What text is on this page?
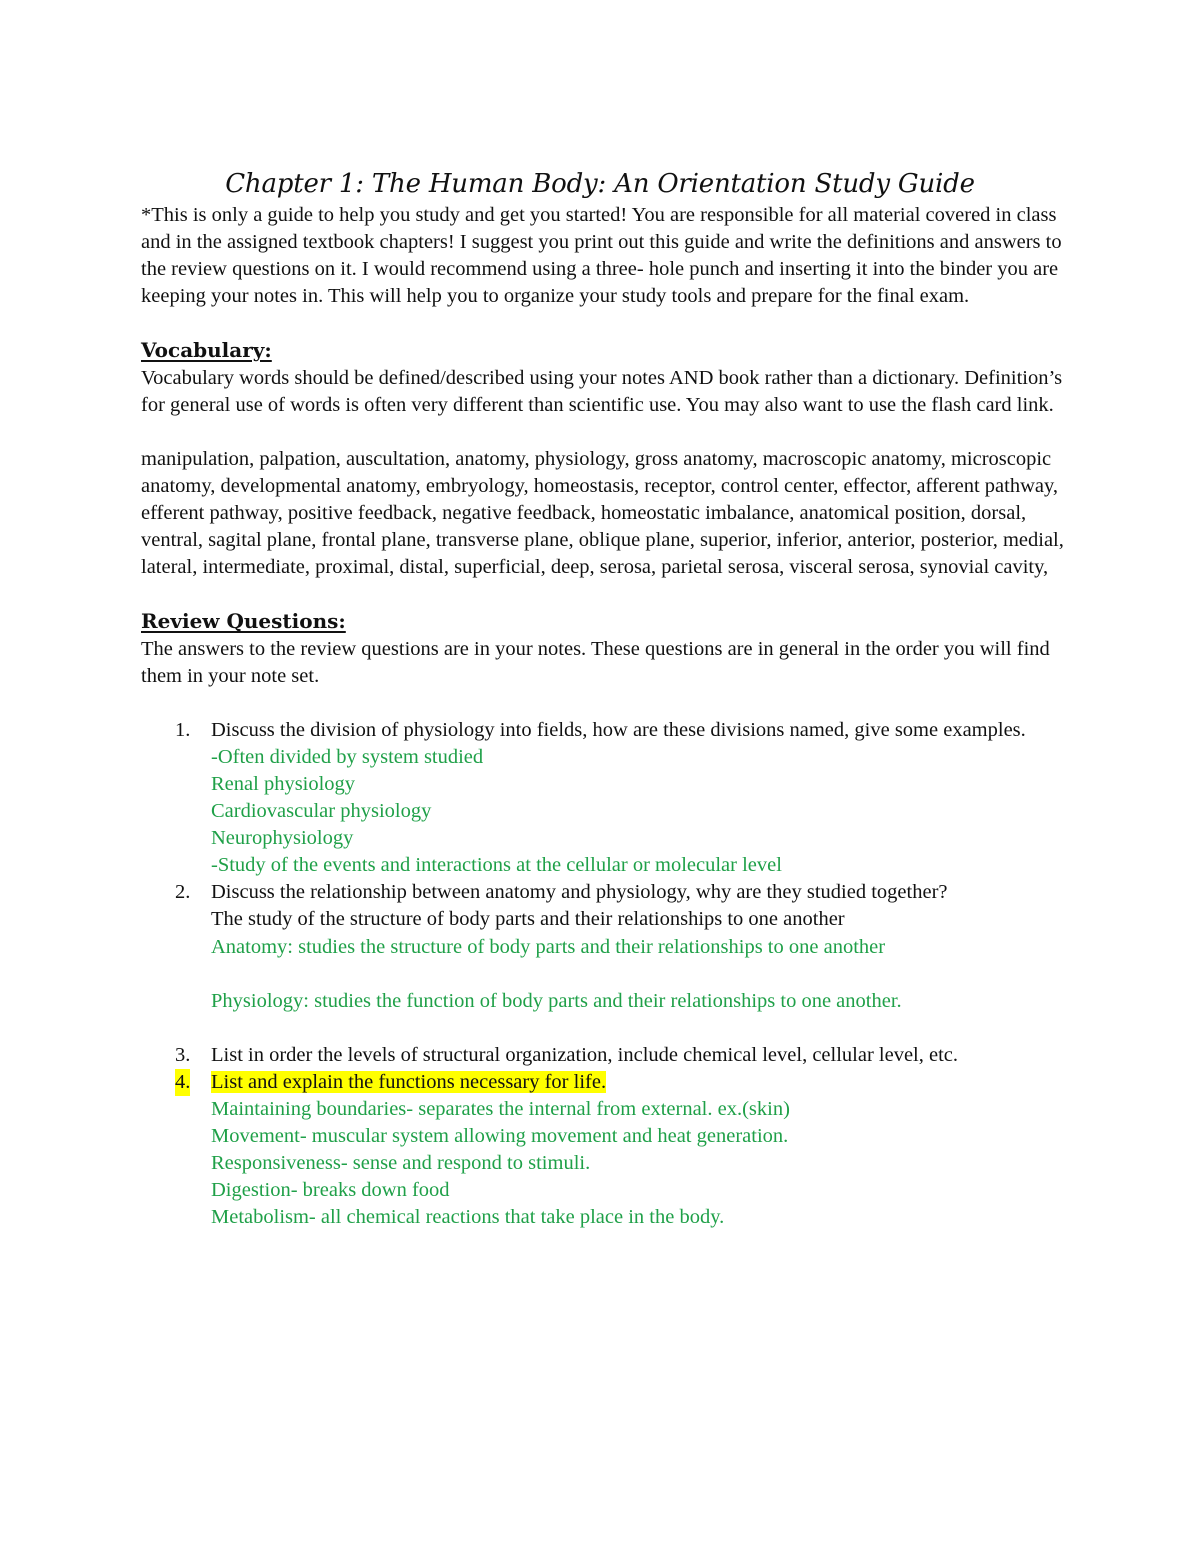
Chapter 1: The Human Body: An Orientation Study Guide

*This is only a guide to help you study and get you started! You are responsible for all material covered in class and in the assigned textbook chapters! I suggest you print out this guide and write the definitions and answers to the review questions on it. I would recommend using a three- hole punch and inserting it into the binder you are keeping your notes in. This will help you to organize your study tools and prepare for the final exam.

Vocabulary:

Vocabulary words should be defined/described using your notes AND book rather than a dictionary. Definition’s for general use of words is often very different than scientific use. You may also want to use the flash card link.

manipulation, palpation, auscultation, anatomy, physiology, gross anatomy, macroscopic anatomy, microscopic anatomy, developmental anatomy, embryology, homeostasis, receptor, control center, effector, afferent pathway, efferent pathway, positive feedback, negative feedback, homeostatic imbalance, anatomical position, dorsal, ventral, sagital plane, frontal plane, transverse plane, oblique plane, superior, inferior, anterior, posterior, medial, lateral, intermediate, proximal, distal, superficial, deep, serosa, parietal serosa, visceral serosa, synovial cavity,

Review Questions:

The answers to the review questions are in your notes. These questions are in general in the order you will find them in your note set.

1. Discuss the division of physiology into fields, how are these divisions named, give some examples.
-Often divided by system studied
Renal physiology
Cardiovascular physiology
Neurophysiology
-Study of the events and interactions at the cellular or molecular level
2. Discuss the relationship between anatomy and physiology, why are they studied together?
The study of the structure of body parts and their relationships to one another
Anatomy: studies the structure of body parts and their relationships to one another
Physiology: studies the function of body parts and their relationships to one another.
3. List in order the levels of structural organization, include chemical level, cellular level, etc.
4. List and explain the functions necessary for life.
Maintaining boundaries- separates the internal from external. ex.(skin)
Movement- muscular system allowing movement and heat generation.
Responsiveness- sense and respond to stimuli.
Digestion- breaks down food
Metabolism- all chemical reactions that take place in the body.
